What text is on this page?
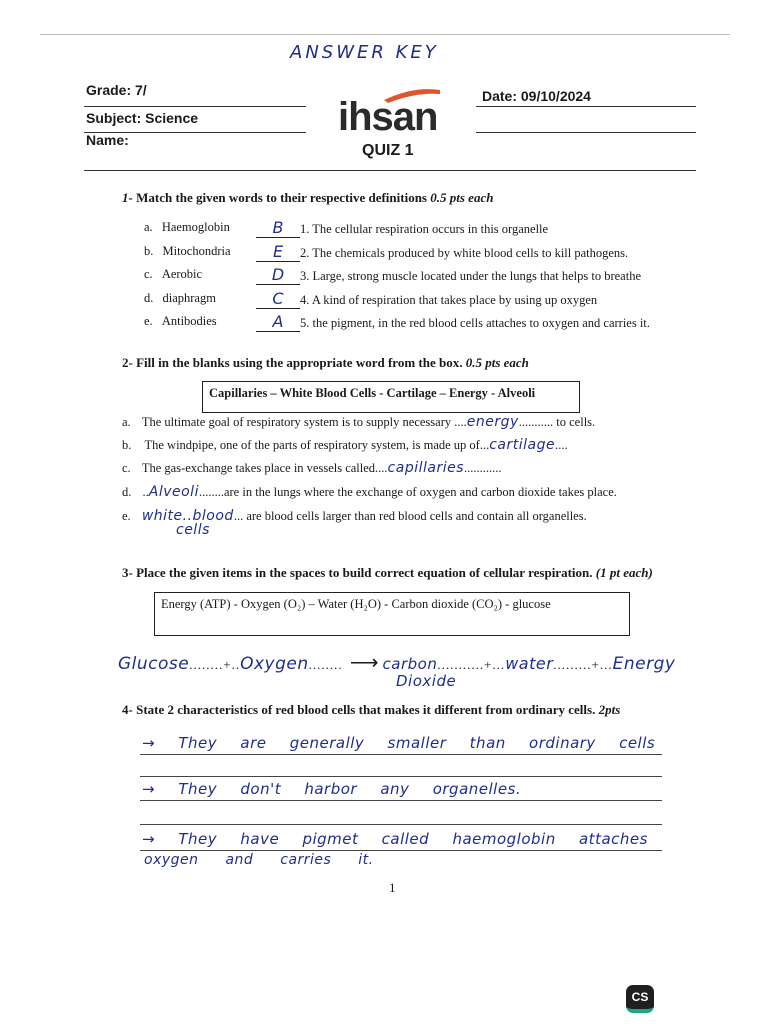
ANSWER KEY
Grade: 7/
Subject: Science
Name:
Date: 09/10/2024
ihsan
QUIZ 1
1- Match the given words to their respective definitions 0.5 pts each
a. Haemoglobin	B 1. The cellular respiration occurs in this organelle
b. Mitochondria	E 2. The chemicals produced by white blood cells to kill pathogens.
c. Aerobic	D 3. Large, strong muscle located under the lungs that helps to breathe
d. diaphragm	C 4. A kind of respiration that takes place by using up oxygen
e. Antibodies	A 5. the pigment, in the red blood cells attaches to oxygen and carries it.
2- Fill in the blanks using the appropriate word from the box. 0.5 pts each
Capillaries – White Blood Cells - Cartilage – Energy - Alveoli
a. The ultimate goal of respiratory system is to supply necessary ....energy........... to cells.
b. The windpipe, one of the parts of respiratory system, is made up of...cartilage....
c. The gas-exchange takes place in vessels called....capillaries............
d. ..Alveoli........are in the lungs where the exchange of oxygen and carbon dioxide takes place.
e. white..blood... are blood cells larger than red blood cells and contain all organelles.
cells
3- Place the given items in the spaces to build correct equation of cellular respiration. (1 pt each)
Energy (ATP) - Oxygen (O₂) – Water (H₂O) - Carbon dioxide (CO₂) - glucose
Glucose........+..Oxygen........ ⟶ carbon...........+...water.........+...Energy
Dioxide
4- State 2 characteristics of red blood cells that makes it different from ordinary cells. 2pts
→ They are generally smaller than ordinary cells
→ They don't harbor any organelles.
→ They have pigmet called haemoglobin attaches
oxygen and carries it.
1
CS
